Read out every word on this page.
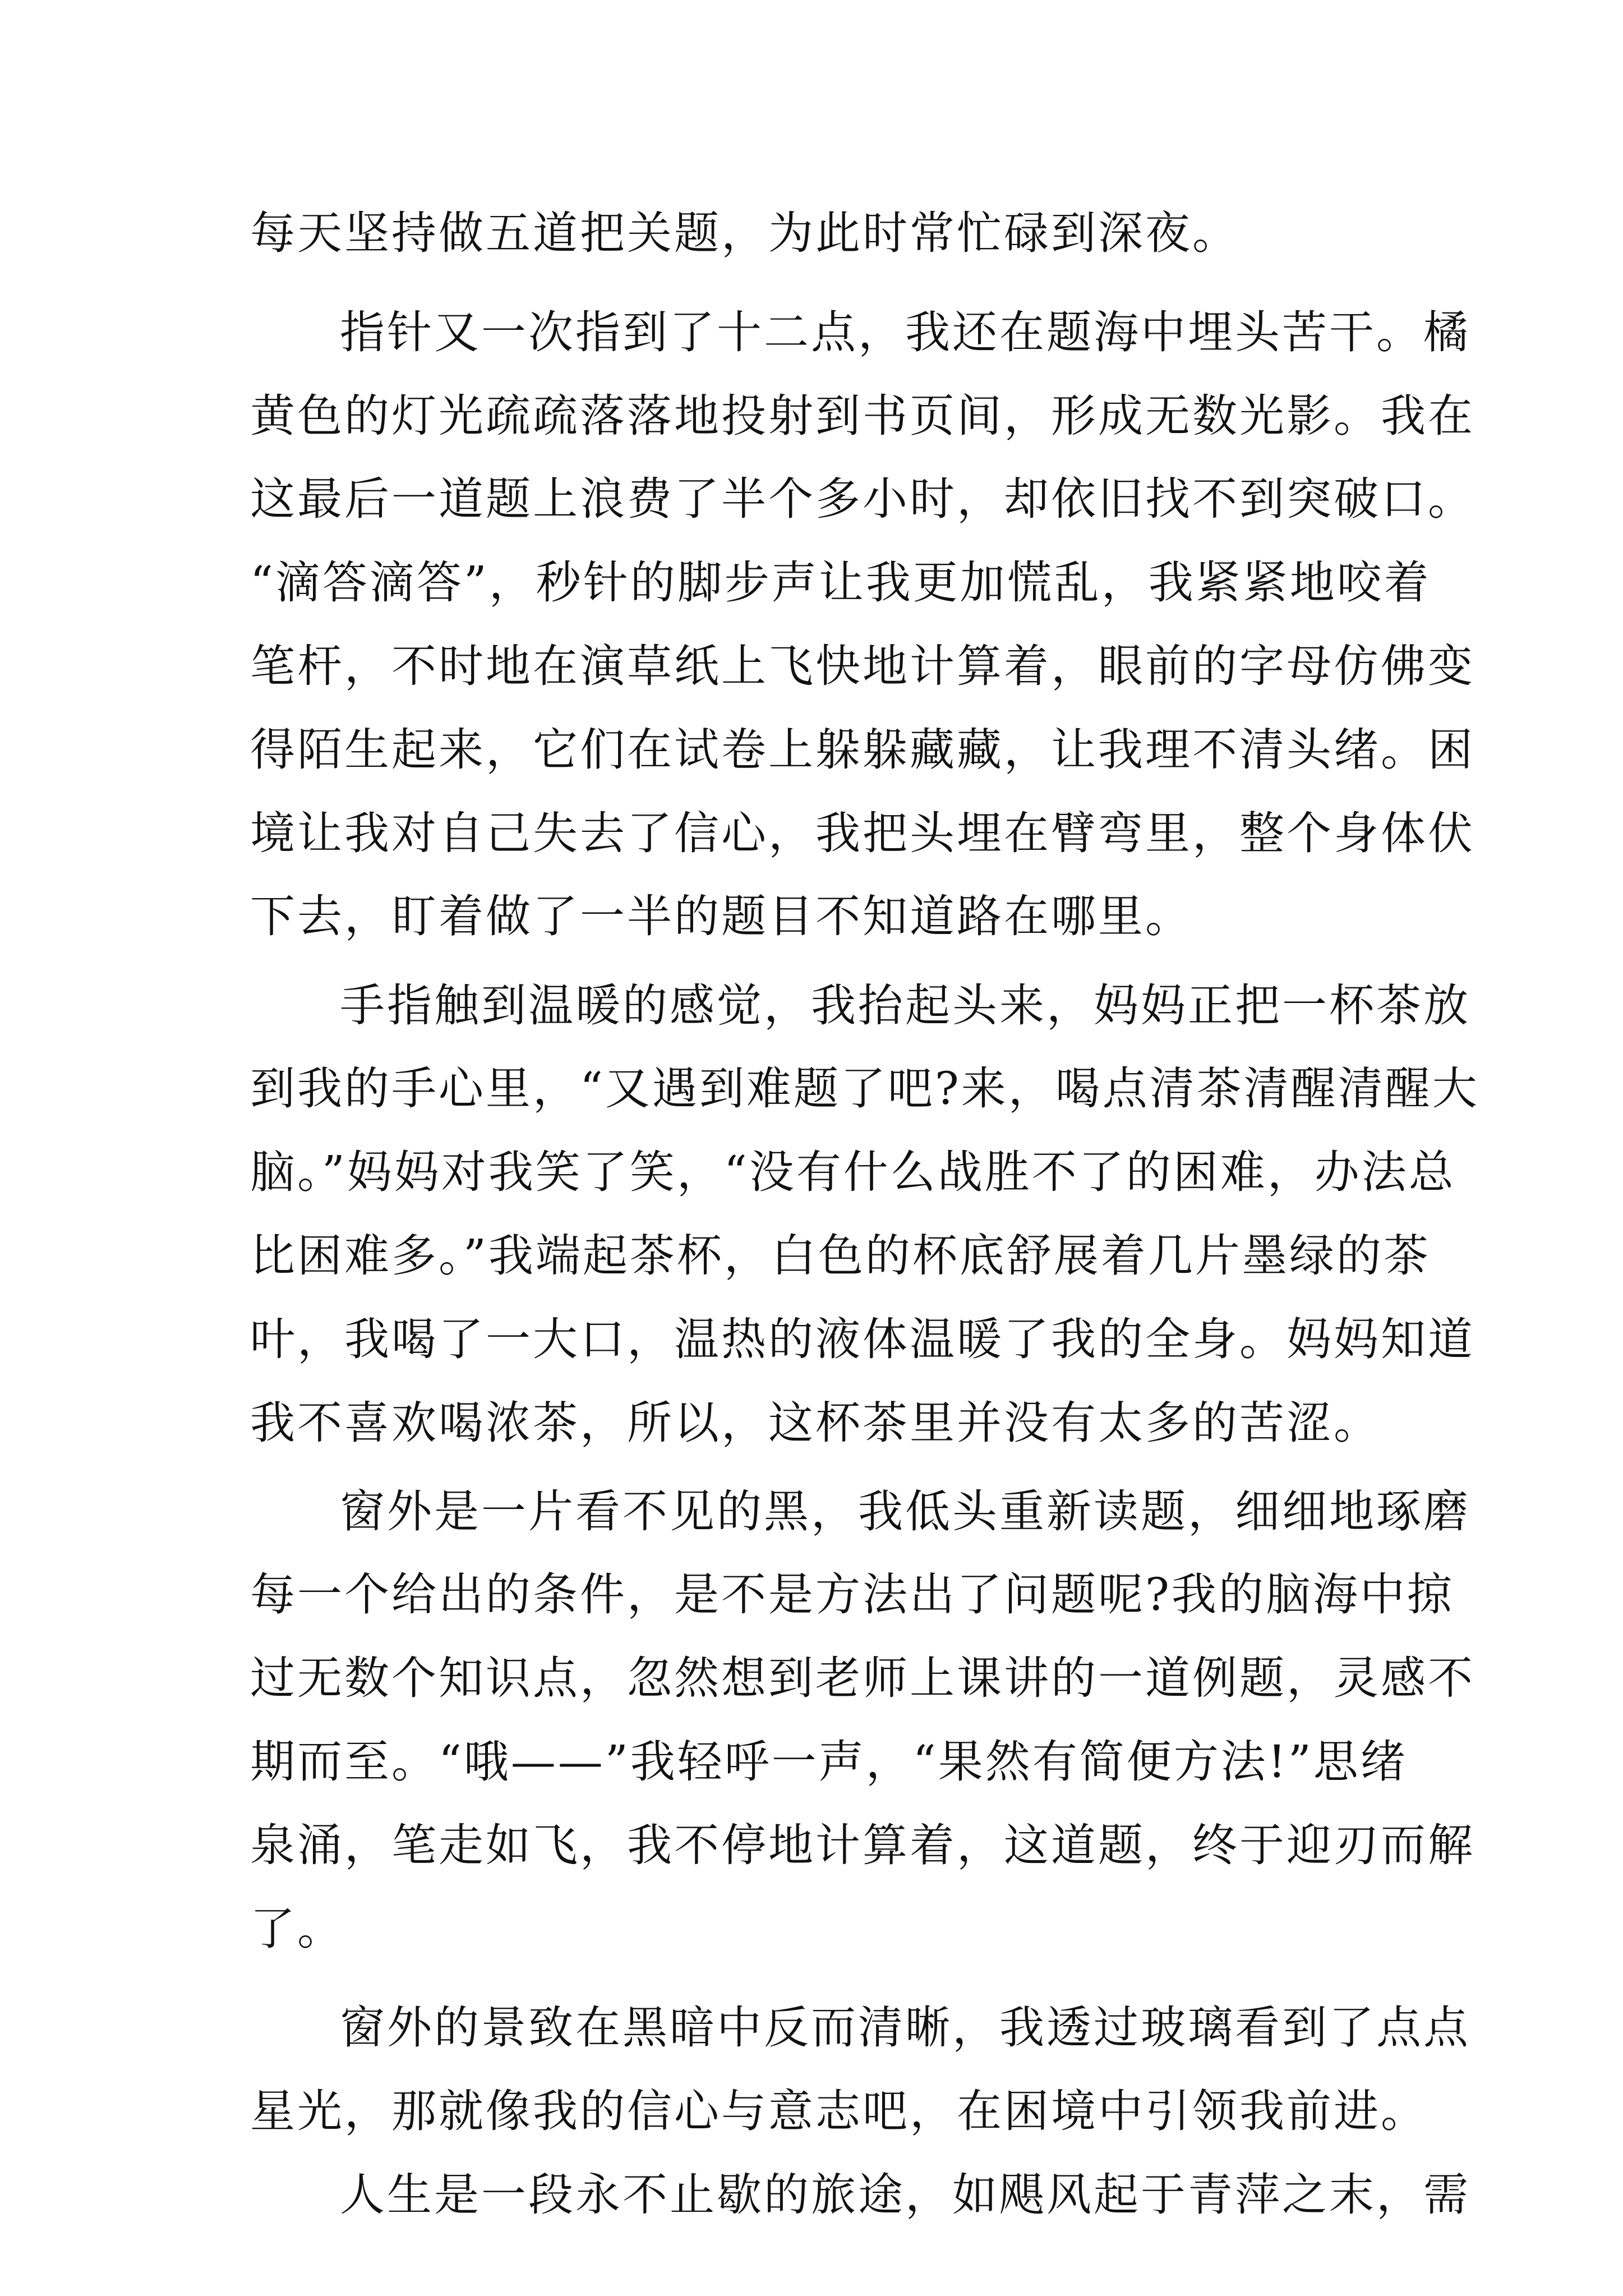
每天坚持做五道把关题，为此时常忙碌到深夜。
指针又一次指到了十二点，我还在题海中埋头苦干。橘
黄色的灯光疏疏落落地投射到书页间，形成无数光影。我在
这最后一道题上浪费了半个多小时，却依旧找不到突破口。
“滴答滴答”，秒针的脚步声让我更加慌乱，我紧紧地咬着
笔杆，不时地在演草纸上飞快地计算着，眼前的字母仿佛变
得陌生起来，它们在试卷上躲躲藏藏，让我理不清头绪。困
境让我对自己失去了信心，我把头埋在臂弯里，整个身体伏
下去，盯着做了一半的题目不知道路在哪里。
手指触到温暖的感觉，我抬起头来，妈妈正把一杯茶放
到我的手心里，“又遇到难题了吧?来，喝点清茶清醒清醒大
脑。”妈妈对我笑了笑，“没有什么战胜不了的困难，办法总
比困难多。”我端起茶杯，白色的杯底舒展着几片墨绿的茶
叶，我喝了一大口，温热的液体温暖了我的全身。妈妈知道
我不喜欢喝浓茶，所以，这杯茶里并没有太多的苦涩。
窗外是一片看不见的黑，我低头重新读题，细细地琢磨
每一个给出的条件，是不是方法出了问题呢?我的脑海中掠
过无数个知识点，忽然想到老师上课讲的一道例题，灵感不
期而至。“哦——”我轻呼一声，“果然有简便方法!”思绪
泉涌，笔走如飞，我不停地计算着，这道题，终于迎刃而解
了。
窗外的景致在黑暗中反而清晰，我透过玻璃看到了点点
星光，那就像我的信心与意志吧，在困境中引领我前进。
人生是一段永不止歇的旅途，如飓风起于青萍之末，需
